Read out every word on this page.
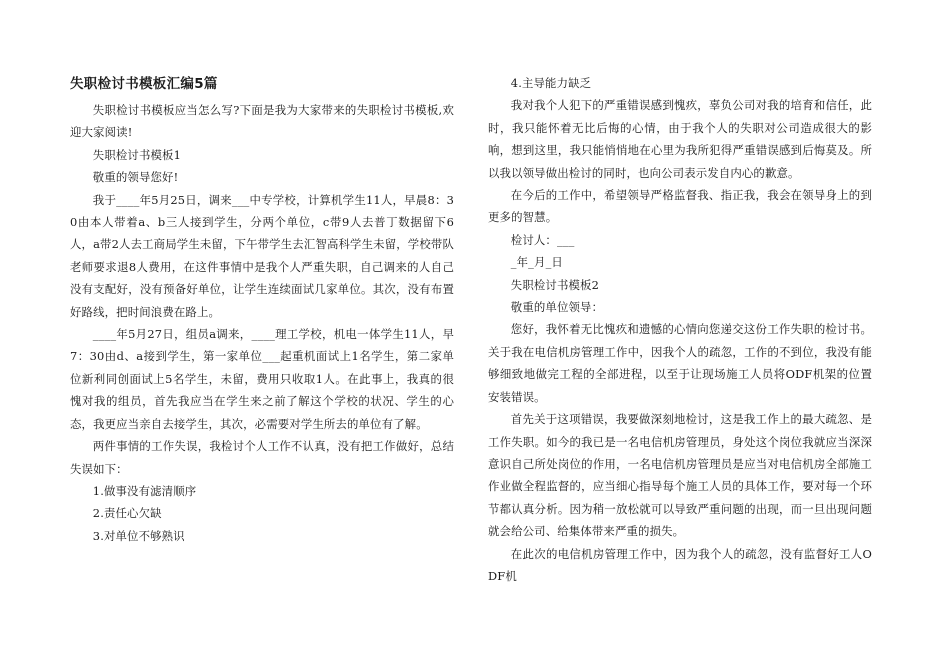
失职检讨书模板汇编5篇

失职检讨书模板应当怎么写?下面是我为大家带来的失职检讨书模板,欢迎大家阅读!

失职检讨书模板1

敬重的领导您好!

我于____年5月25日，调来___中专学校，计算机学生11人，早晨8：30由本人带着a、b三人接到学生，分两个单位，c带9人去普丁数据留下6人，a带2人去工商局学生未留，下午带学生去汇智高科学生未留，学校带队老师要求退8人费用，在这件事情中是我个人严重失职，自己调来的人自己没有支配好，没有预备好单位，让学生连续面试几家单位。其次，没有布置好路线，把时间浪费在路上。

____年5月27日，组员a调来，____理工学校，机电一体学生11人，早7：30由d、a接到学生，第一家单位___起重机面试上1名学生，第二家单位新利同创面试上5名学生，未留，费用只收取1人。在此事上，我真的很愧对我的组员，首先我应当在学生来之前了解这个学校的状况、学生的心态，我更应当亲自去接学生，其次，必需要对学生所去的单位有了解。

两件事情的工作失误，我检讨个人工作不认真，没有把工作做好，总结失误如下：

1.做事没有滤清顺序

2.责任心欠缺

3.对单位不够熟识

4.主导能力缺乏

我对我个人犯下的严重错误感到愧疚，辜负公司对我的培育和信任，此时，我只能怀着无比后悔的心情，由于我个人的失职对公司造成很大的影响，想到这里，我只能悄悄地在心里为我所犯得严重错误感到后悔莫及。所以我以领导做出检讨的同时，也向公司表示发自内心的歉意。

在今后的工作中，希望领导严格监督我、指正我，我会在领导身上的到更多的智慧。

检讨人：___

_年_月_日

失职检讨书模板2

敬重的单位领导：

您好，我怀着无比愧疚和遗憾的心情向您递交这份工作失职的检讨书。关于我在电信机房管理工作中，因我个人的疏忽，工作的不到位，我没有能够细致地做完工程的全部进程，以至于让现场施工人员将ODF机架的位置安装错误。

首先关于这项错误，我要做深刻地检讨，这是我工作上的最大疏忽、是工作失职。如今的我已是一名电信机房管理员，身处这个岗位我就应当深深意识自己所处岗位的作用，一名电信机房管理员是应当对电信机房全部施工作业做全程监督的，应当细心指导每个施工人员的具体工作，要对每一个环节都认真分析。因为稍一放松就可以导致严重问题的出现，而一旦出现问题就会给公司、给集体带来严重的损失。

在此次的电信机房管理工作中，因为我个人的疏忽，没有监督好工人ODF机
